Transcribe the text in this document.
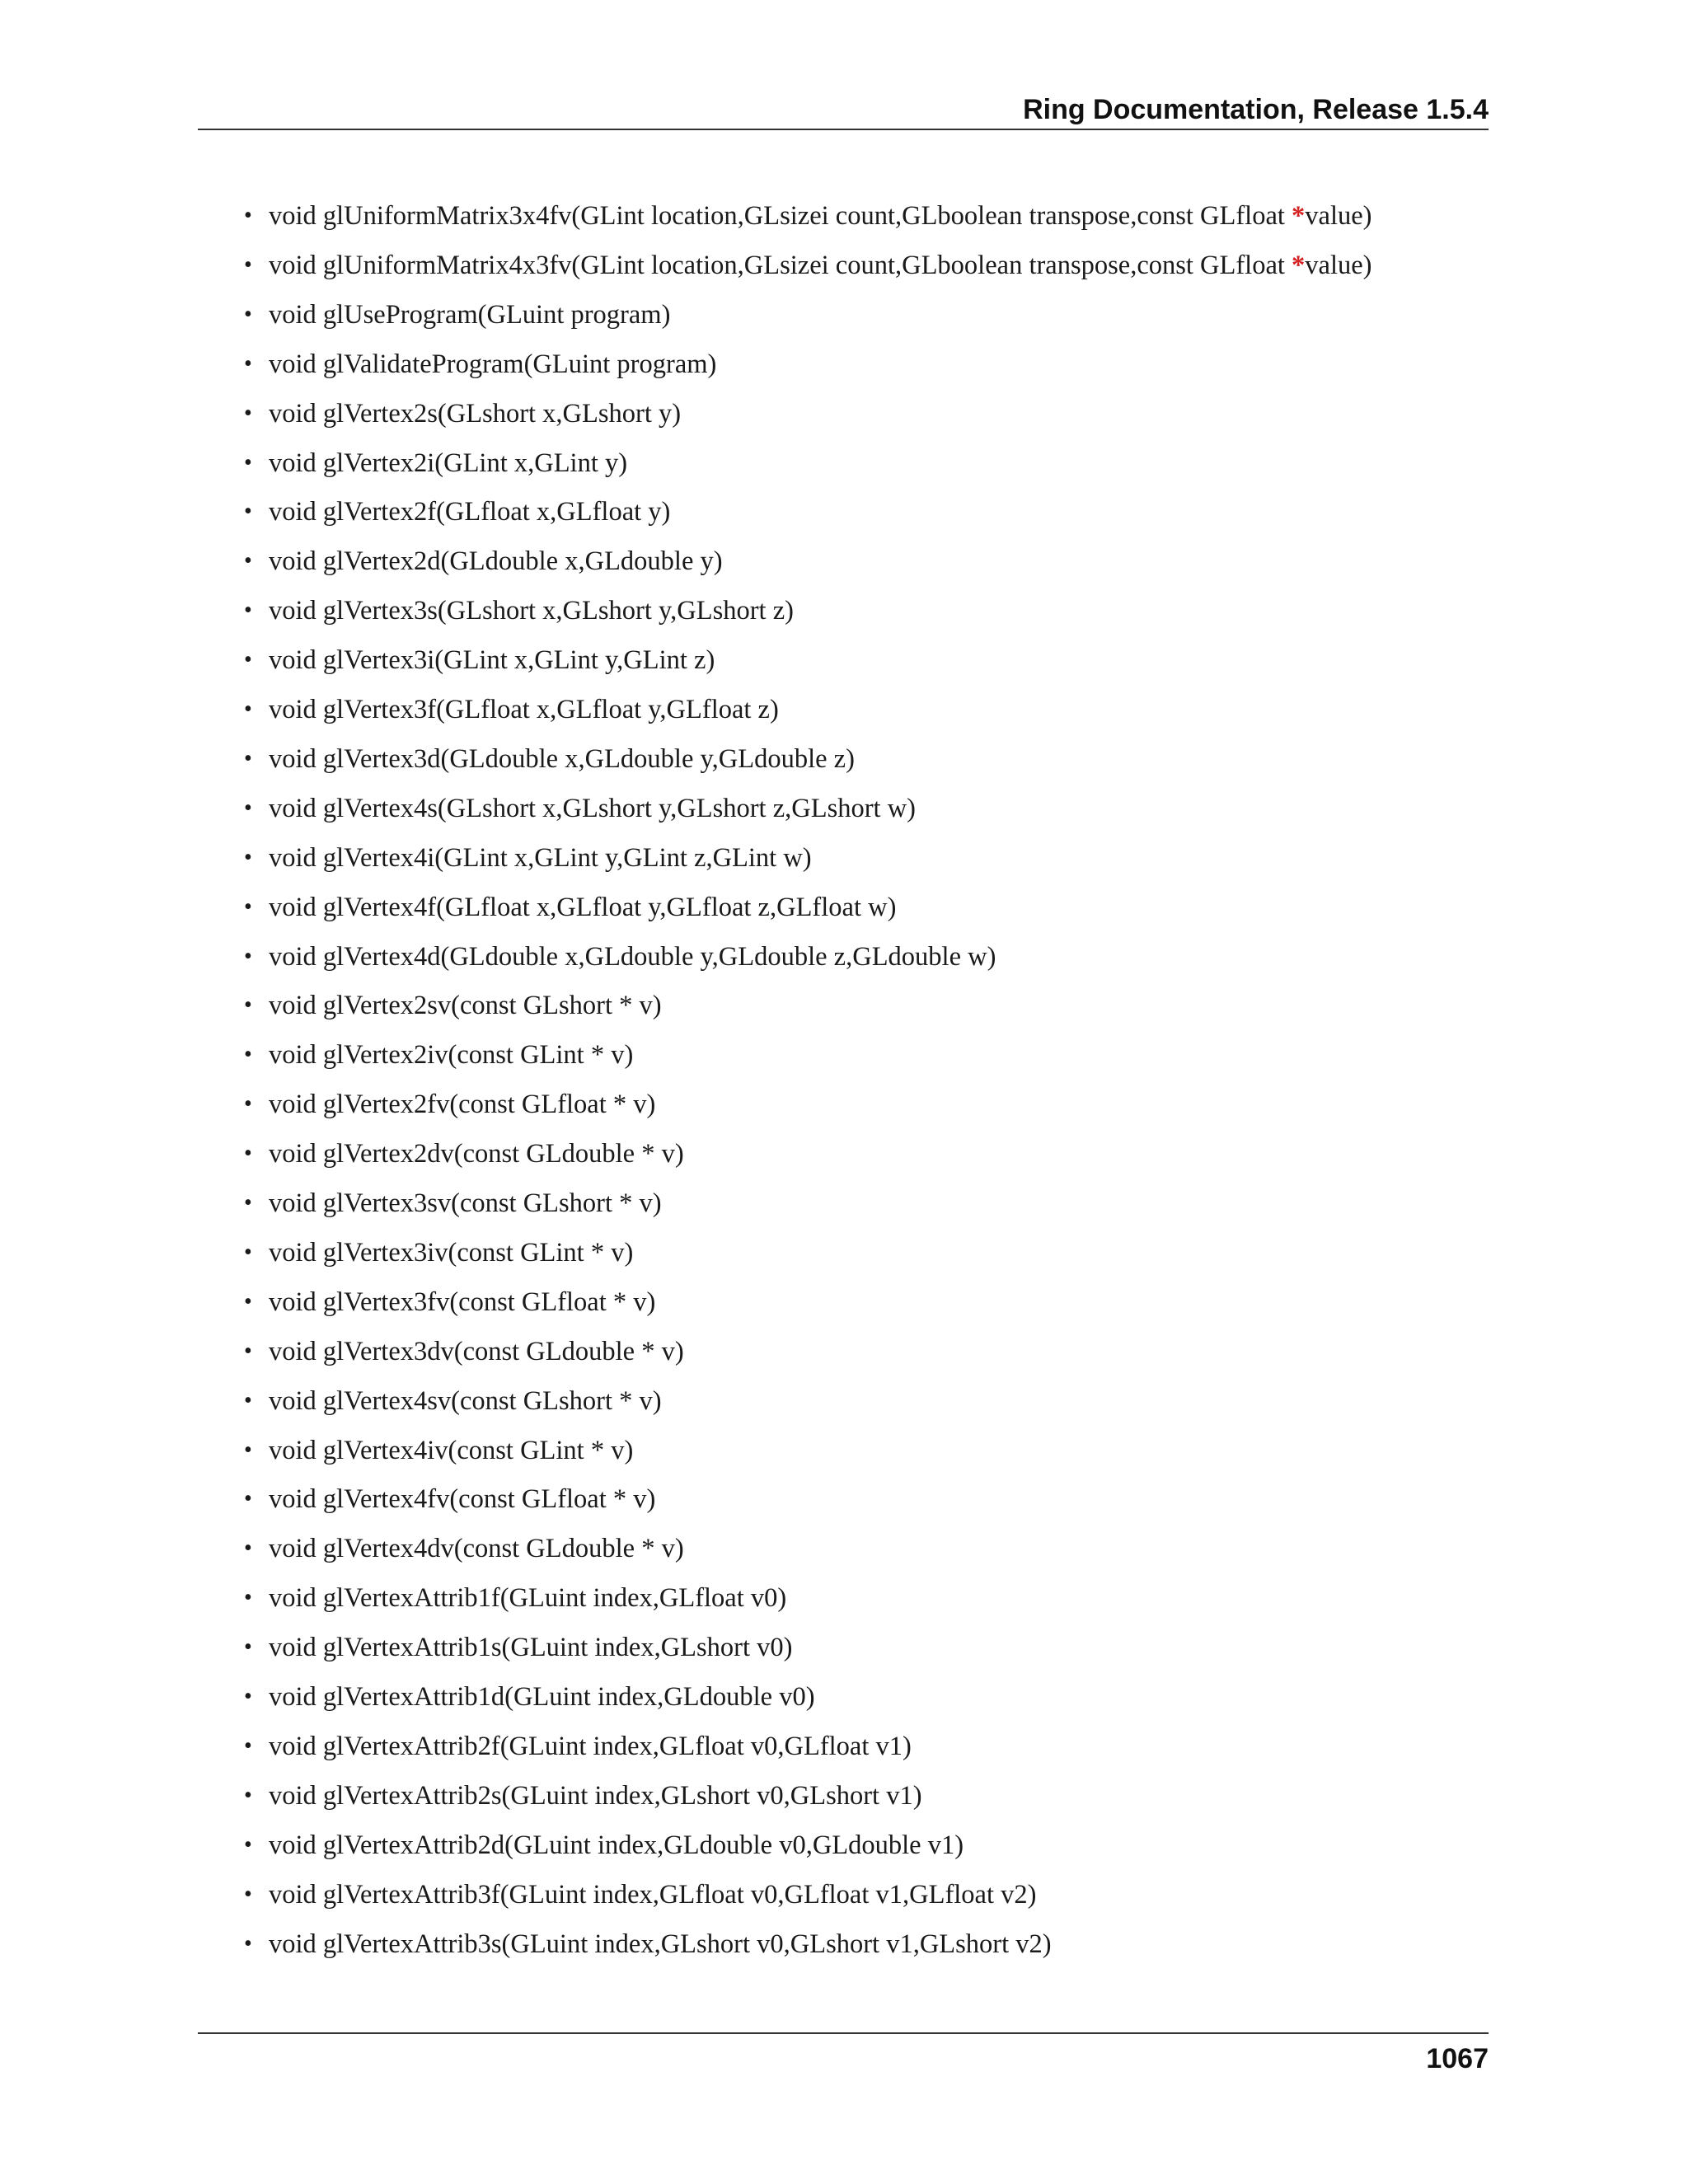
Ring Documentation, Release 1.5.4
• void glUniformMatrix3x4fv(GLint location,GLsizei count,GLboolean transpose,const GLfloat *value)
• void glUniformMatrix4x3fv(GLint location,GLsizei count,GLboolean transpose,const GLfloat *value)
• void glUseProgram(GLuint program)
• void glValidateProgram(GLuint program)
• void glVertex2s(GLshort x,GLshort y)
• void glVertex2i(GLint x,GLint y)
• void glVertex2f(GLfloat x,GLfloat y)
• void glVertex2d(GLdouble x,GLdouble y)
• void glVertex3s(GLshort x,GLshort y,GLshort z)
• void glVertex3i(GLint x,GLint y,GLint z)
• void glVertex3f(GLfloat x,GLfloat y,GLfloat z)
• void glVertex3d(GLdouble x,GLdouble y,GLdouble z)
• void glVertex4s(GLshort x,GLshort y,GLshort z,GLshort w)
• void glVertex4i(GLint x,GLint y,GLint z,GLint w)
• void glVertex4f(GLfloat x,GLfloat y,GLfloat z,GLfloat w)
• void glVertex4d(GLdouble x,GLdouble y,GLdouble z,GLdouble w)
• void glVertex2sv(const GLshort * v)
• void glVertex2iv(const GLint * v)
• void glVertex2fv(const GLfloat * v)
• void glVertex2dv(const GLdouble * v)
• void glVertex3sv(const GLshort * v)
• void glVertex3iv(const GLint * v)
• void glVertex3fv(const GLfloat * v)
• void glVertex3dv(const GLdouble * v)
• void glVertex4sv(const GLshort * v)
• void glVertex4iv(const GLint * v)
• void glVertex4fv(const GLfloat * v)
• void glVertex4dv(const GLdouble * v)
• void glVertexAttrib1f(GLuint index,GLfloat v0)
• void glVertexAttrib1s(GLuint index,GLshort v0)
• void glVertexAttrib1d(GLuint index,GLdouble v0)
• void glVertexAttrib2f(GLuint index,GLfloat v0,GLfloat v1)
• void glVertexAttrib2s(GLuint index,GLshort v0,GLshort v1)
• void glVertexAttrib2d(GLuint index,GLdouble v0,GLdouble v1)
• void glVertexAttrib3f(GLuint index,GLfloat v0,GLfloat v1,GLfloat v2)
• void glVertexAttrib3s(GLuint index,GLshort v0,GLshort v1,GLshort v2)
1067
